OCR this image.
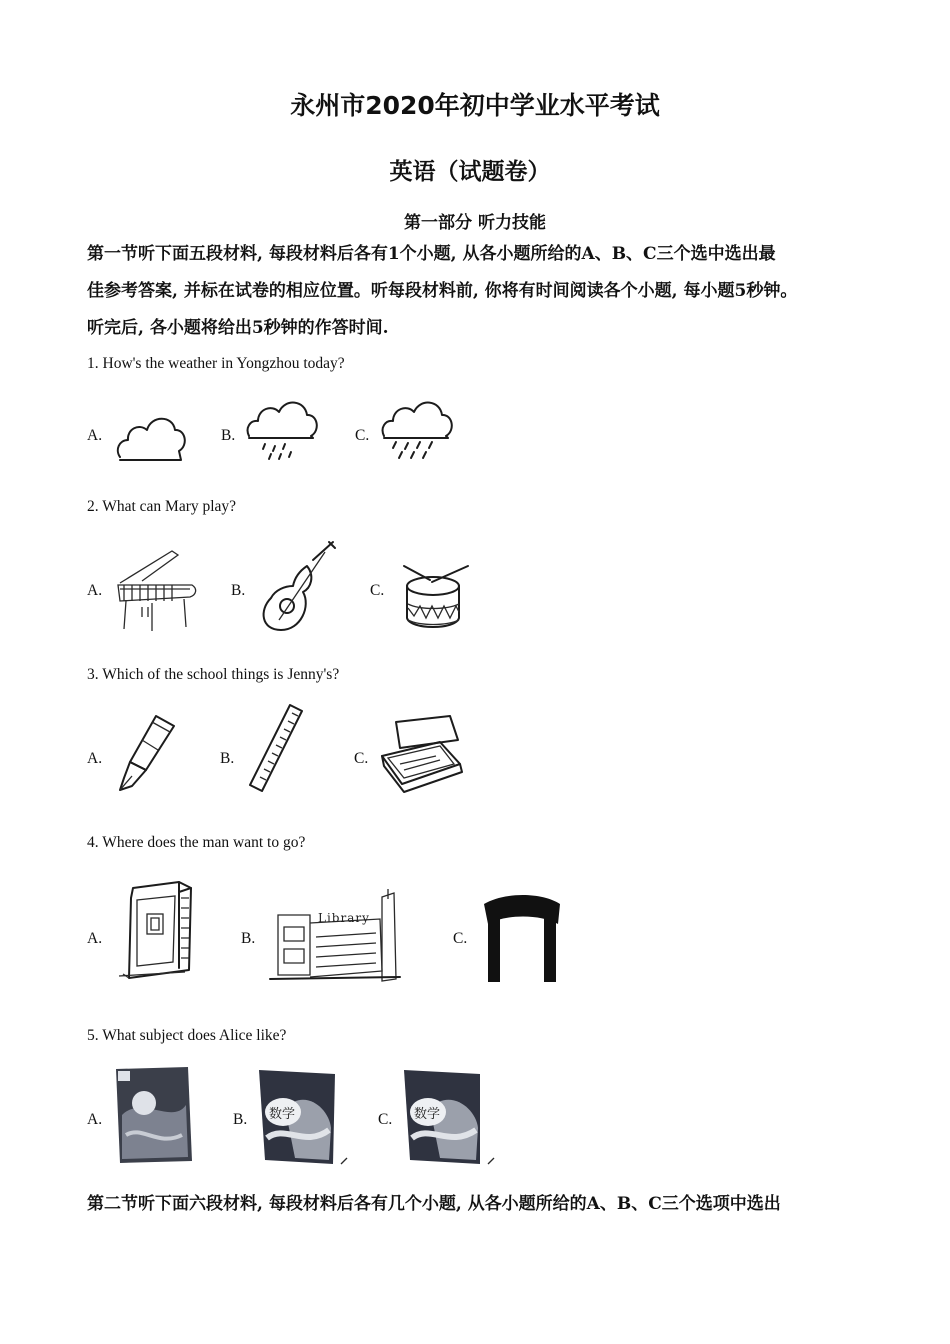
永州市2020年初中学业水平考试
英语（试题卷）
第一部分 听力技能
第一节听下面五段材料, 每段材料后各有1个小题, 从各小题所给的A、B、C三个选中选出最
佳参考答案, 并标在试卷的相应位置。听每段材料前, 你将有时间阅读各个小题, 每小题5秒钟。
听完后, 各小题将给出5秒钟的作答时间.
1. How's the weather in Yongzhou today?
A.	B.	C.
2. What can Mary play?
A.	B.	C.
3. Which of the school things is Jenny's?
A.	B.	C.
4. Where does the man want to go?
A.	B.	C.
Library
5. What subject does Alice like?
A.	B.	C.
数学	数学
第二节听下面六段材料, 每段材料后各有几个小题, 从各小题所给的A、B、C三个选项中选出
